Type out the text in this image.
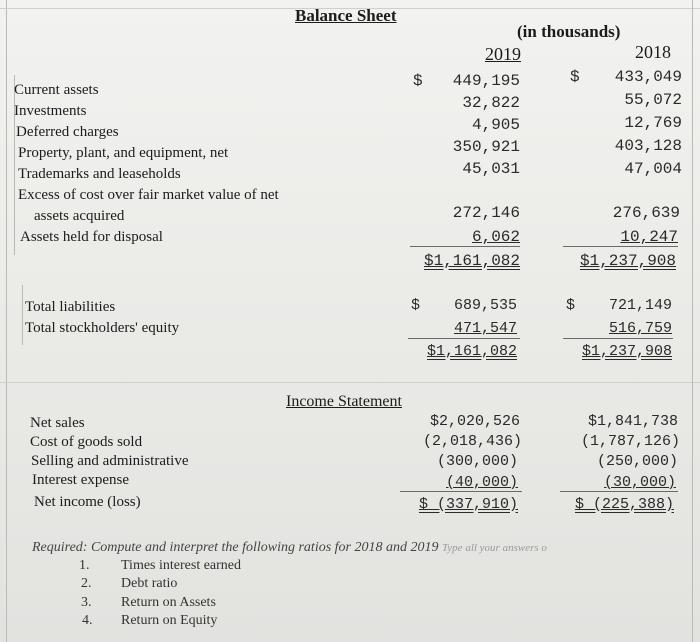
Balance Sheet
(in thousands)
2019	2018
Current assets
Investments
Deferred charges
Property, plant, and equipment, net
Trademarks and leaseholds
Excess of cost over fair market value of net
assets acquired
Assets held for disposal
$ 449,195
32,822
4,905
350,921
45,031
272,146
6,062
$1,161,082
$ 433,049
55,072
12,769
403,128
47,004
276,639
10,247
$1,237,908
Total liabilities
Total stockholders' equity
$ 689,535
471,547
$1,161,082
$ 721,149
516,759
$1,237,908
Income Statement
Net sales
Cost of goods sold
Selling and administrative
Interest expense
Net income (loss)
$2,020,526
(2,018,436)
(300,000)
(40,000)
$ (337,910)
$1,841,738
(1,787,126)
(250,000)
(30,000)
$ (225,388)
Required: Compute and interpret the following ratios for 2018 and 2019 Type all your answers o
1. Times interest earned
2. Debt ratio
3. Return on Assets
4. Return on Equity
